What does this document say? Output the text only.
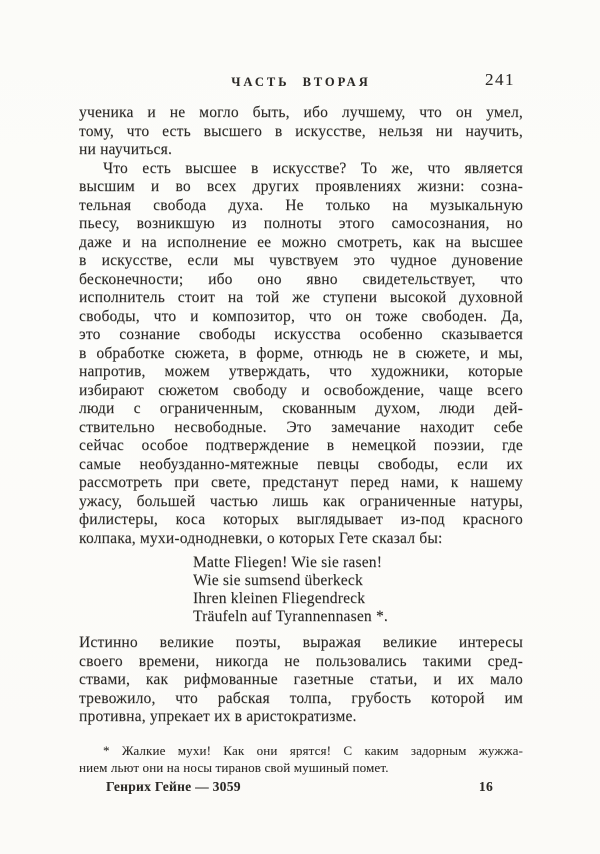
ЧАСТЬ ВТОРАЯ	241
ученика и не могло быть, ибо лучшему, что он умел,
тому, что есть высшего в искусстве, нельзя ни научить,
ни научиться.
Что есть высшее в искусстве? То же, что является
высшим и во всех других проявлениях жизни: созна-
тельная свобода духа. Не только на музыкальную
пьесу, возникшую из полноты этого самосознания, но
даже и на исполнение ее можно смотреть, как на высшее
в искусстве, если мы чувствуем это чудное дуновение
бесконечности; ибо оно явно свидетельствует, что
исполнитель стоит на той же ступени высокой духовной
свободы, что и композитор, что он тоже свободен. Да,
это сознание свободы искусства особенно сказывается
в обработке сюжета, в форме, отнюдь не в сюжете, и мы,
напротив, можем утверждать, что художники, которые
избирают сюжетом свободу и освобождение, чаще всего
люди с ограниченным, скованным духом, люди дей-
ствительно несвободные. Это замечание находит себе
сейчас особое подтверждение в немецкой поэзии, где
самые необузданно-мятежные певцы свободы, если их
рассмотреть при свете, предстанут перед нами, к нашему
ужасу, большей частью лишь как ограниченные натуры,
филистеры, коса которых выглядывает из-под красного
колпака, мухи-однодневки, о которых Гете сказал бы:
Matte Fliegen! Wie sie rasen!
Wie sie sumsend überkeck
Ihren kleinen Fliegendreck
Träufeln auf Tyrannennasen *.
Истинно великие поэты, выражая великие интересы
своего времени, никогда не пользовались такими сред-
ствами, как рифмованные газетные статьи, и их мало
тревожило, что рабская толпа, грубость которой им
противна, упрекает их в аристократизме.
* Жалкие мухи! Как они ярятся! С каким задорным жужжа-
нием льют они на носы тиранов свой мушиный помет.
Генрих Гейне — 3059	16
